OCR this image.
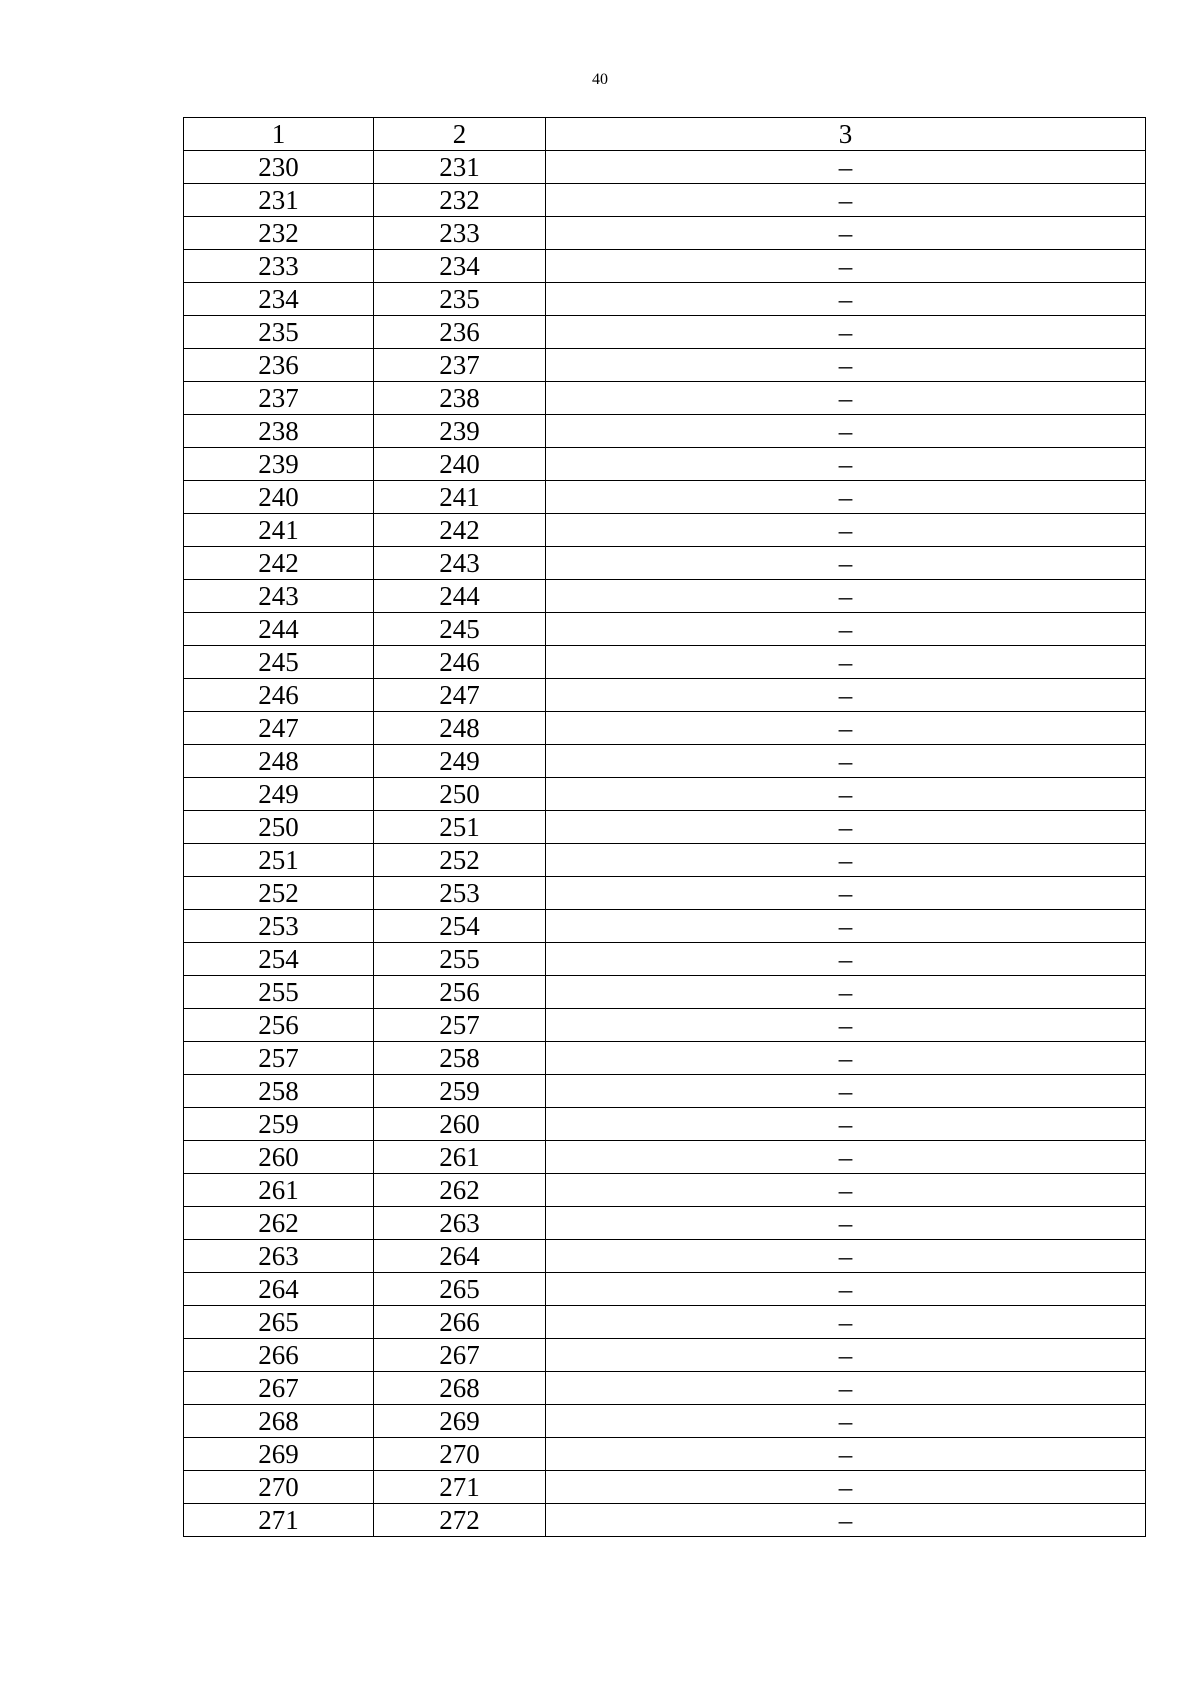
40
1	2	3
230	231	–
231	232	–
232	233	–
233	234	–
234	235	–
235	236	–
236	237	–
237	238	–
238	239	–
239	240	–
240	241	–
241	242	–
242	243	–
243	244	–
244	245	–
245	246	–
246	247	–
247	248	–
248	249	–
249	250	–
250	251	–
251	252	–
252	253	–
253	254	–
254	255	–
255	256	–
256	257	–
257	258	–
258	259	–
259	260	–
260	261	–
261	262	–
262	263	–
263	264	–
264	265	–
265	266	–
266	267	–
267	268	–
268	269	–
269	270	–
270	271	–
271	272	–
